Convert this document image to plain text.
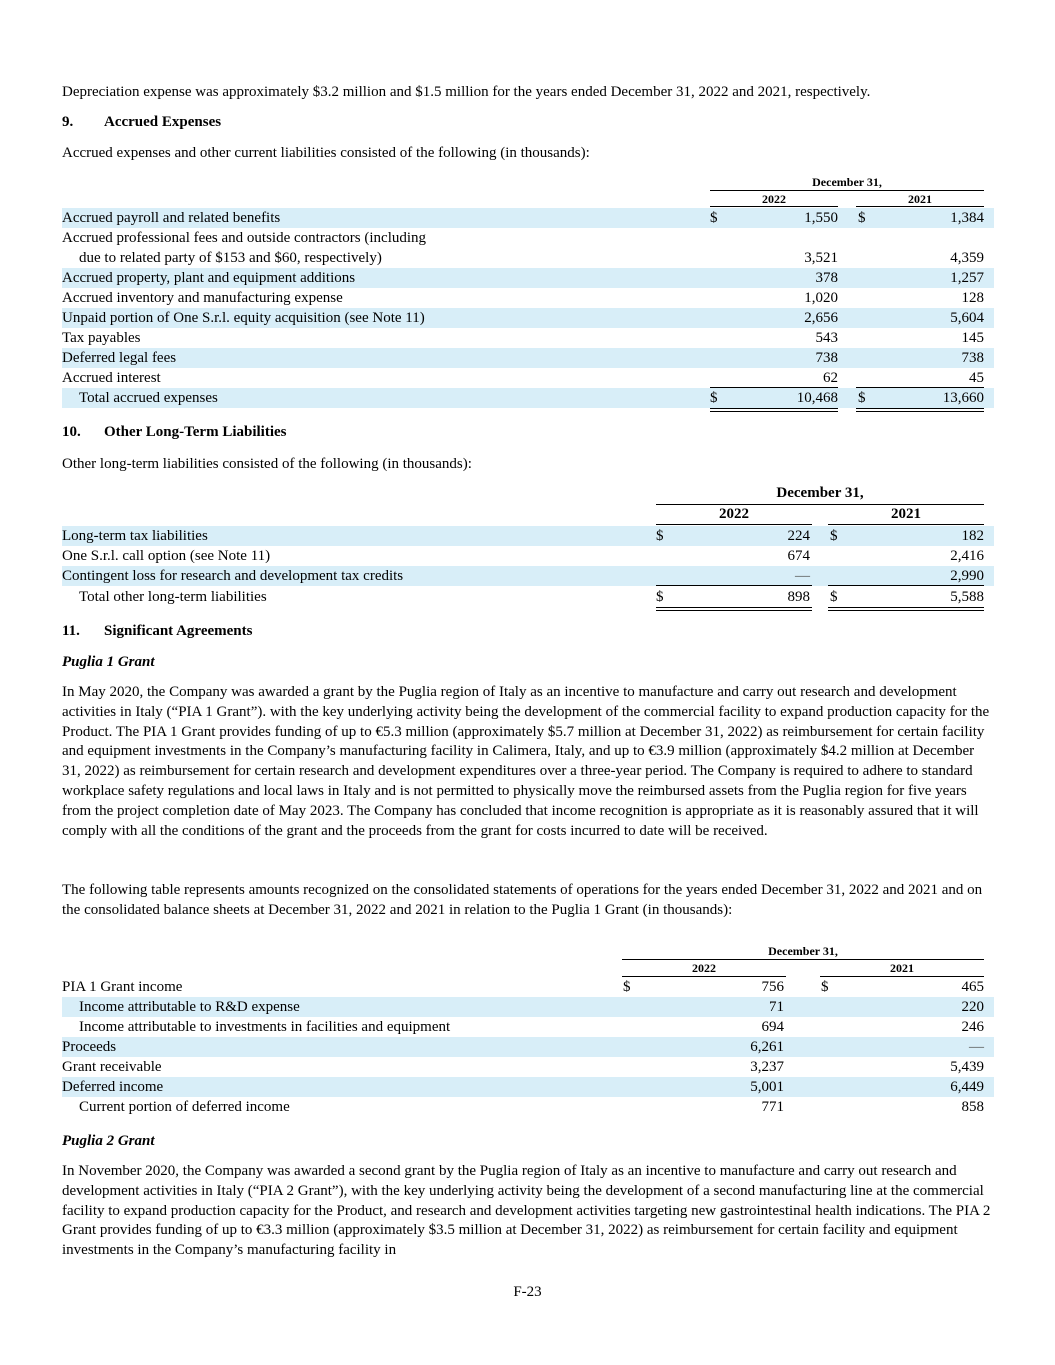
Depreciation expense was approximately $3.2 million and $1.5 million for the years ended December 31, 2022 and 2021, respectively.

9. Accrued Expenses

Accrued expenses and other current liabilities consisted of the following (in thousands):

December 31,
2022	2021
Accrued payroll and related benefits	$	1,550 $	1,384
Accrued professional fees and outside contractors (including
due to related party of $153 and $60, respectively)	3,521	4,359
Accrued property, plant and equipment additions	378	1,257
Accrued inventory and manufacturing expense	1,020	128
Unpaid portion of One S.r.l. equity acquisition (see Note 11)	2,656	5,604
Tax payables	543	145
Deferred legal fees	738	738
Accrued interest	62	45
Total accrued expenses	$	10,468 $	13,660
10. Other Long-Term Liabilities

Other long-term liabilities consisted of the following (in thousands):

December 31,
2022	2021
Long-term tax liabilities	$	224 $	182
One S.r.l. call option (see Note 11)	674	2,416
Contingent loss for research and development tax credits	—	2,990
Total other long-term liabilities	$	898 $	5,588
11. Significant Agreements
Puglia 1 Grant

In May 2020, the Company was awarded a grant by the Puglia region of Italy as an incentive to manufacture and carry out research and development activities in Italy (“PIA 1 Grant”). with the key underlying activity being the development of the commercial facility to expand production capacity for the Product. The PIA 1 Grant provides funding of up to €5.3 million (approximately $5.7 million at December 31, 2022) as reimbursement for certain facility and equipment investments in the Company’s manufacturing facility in Calimera, Italy, and up to €3.9 million (approximately $4.2 million at December 31, 2022) as reimbursement for certain research and development expenditures over a three-year period. The Company is required to adhere to standard workplace safety regulations and local laws in Italy and is not permitted to physically move the reimbursed assets from the Puglia region for five years from the project completion date of May 2023. The Company has concluded that income recognition is appropriate as it is reasonably assured that it will comply with all the conditions of the grant and the proceeds from the grant for costs incurred to date will be received.

The following table represents amounts recognized on the consolidated statements of operations for the years ended December 31, 2022 and 2021 and on the consolidated balance sheets at December 31, 2022 and 2021 in relation to the Puglia 1 Grant (in thousands):

December 31,
2022	2021
PIA 1 Grant income	$	756 $	465
Income attributable to R&D expense	71	220
Income attributable to investments in facilities and equipment	694	246
Proceeds	6,261	—
Grant receivable	3,237	5,439
Deferred income	5,001	6,449
Current portion of deferred income	771	858
Puglia 2 Grant

In November 2020, the Company was awarded a second grant by the Puglia region of Italy as an incentive to manufacture and carry out research and development activities in Italy (“PIA 2 Grant”), with the key underlying activity being the development of a second manufacturing line at the commercial facility to expand production capacity for the Product, and research and development activities targeting new gastrointestinal health indications. The PIA 2 Grant provides funding of up to €3.3 million (approximately $3.5 million at December 31, 2022) as reimbursement for certain facility and equipment investments in the Company’s manufacturing facility in

F-23
